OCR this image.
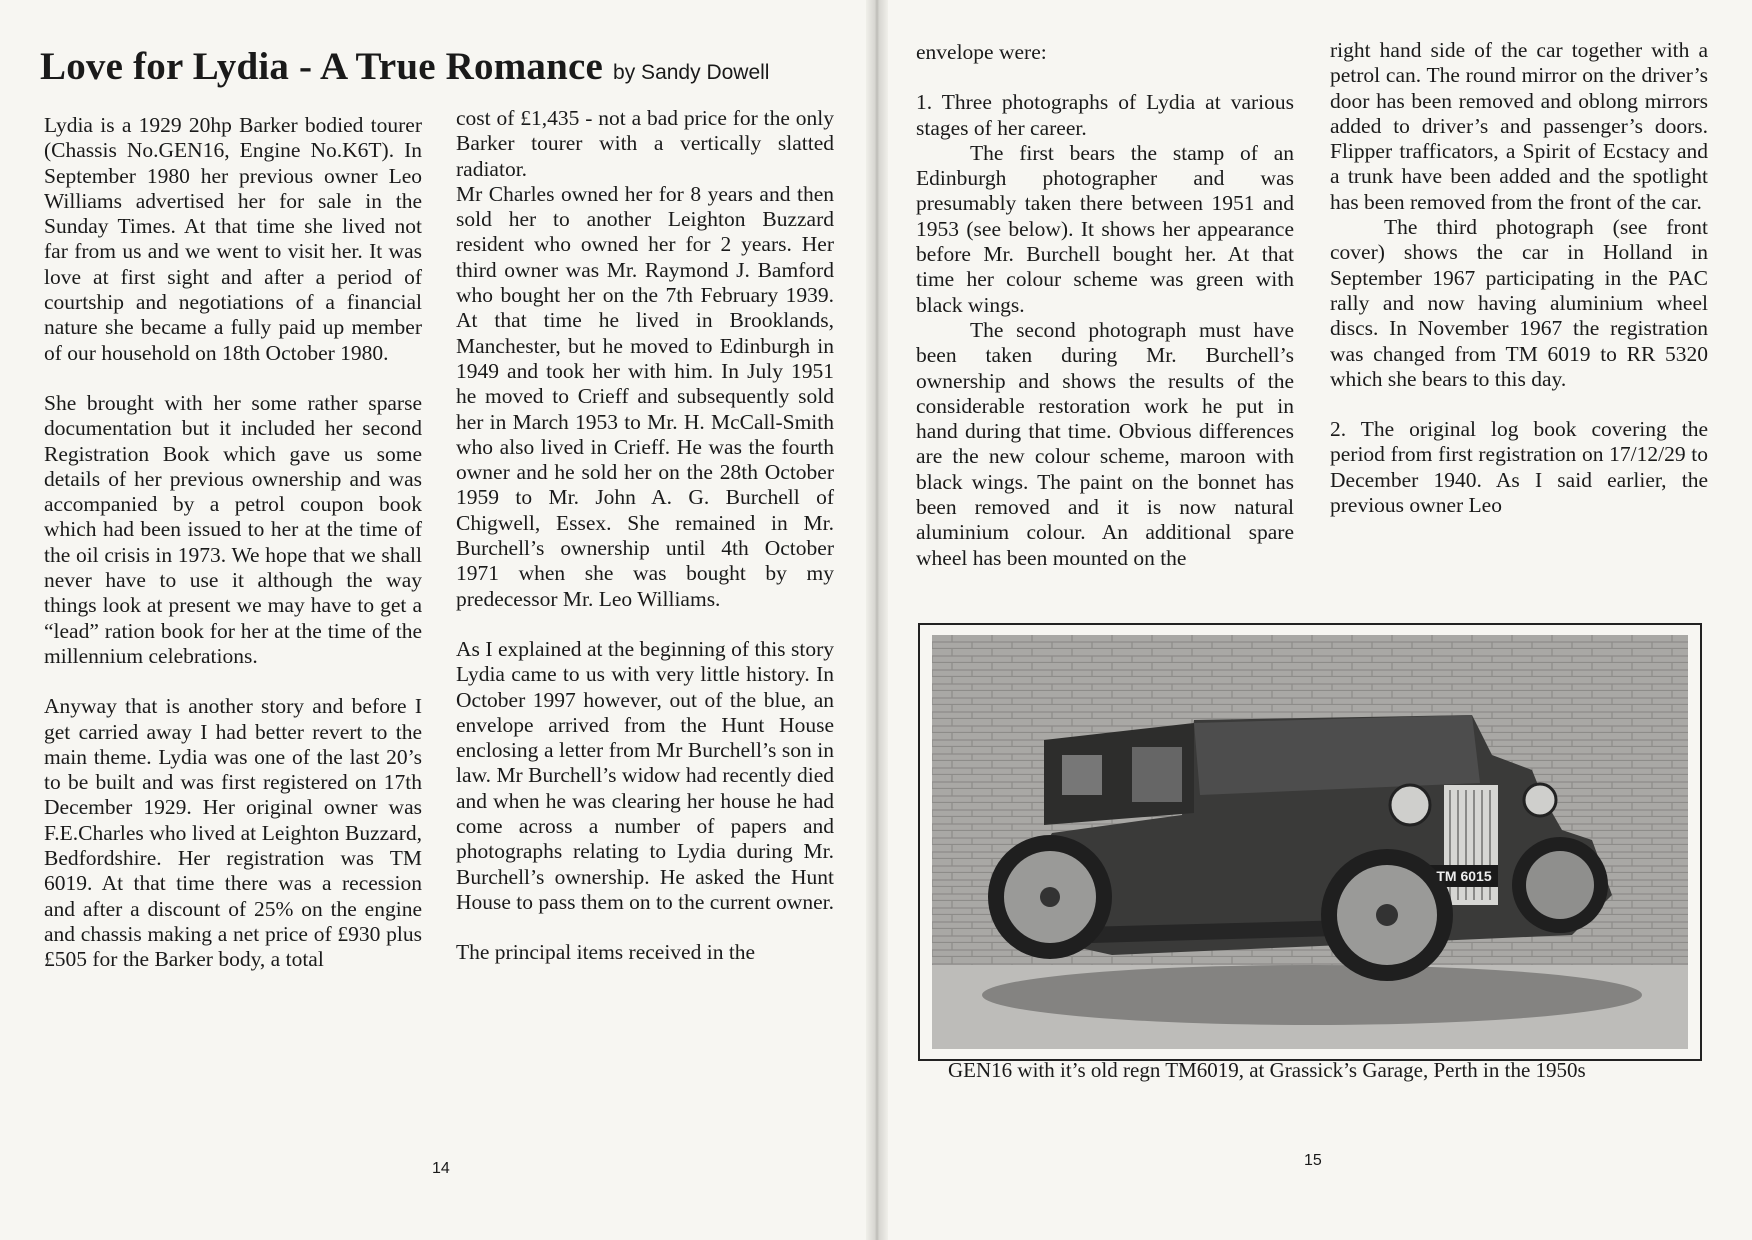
Love for Lydia - A True Romance by Sandy Dowell

Lydia is a 1929 20hp Barker bodied tourer (Chassis No.GEN16, Engine No.K6T). In September 1980 her previous owner Leo Williams advertised her for sale in the Sunday Times. At that time she lived not far from us and we went to visit her. It was love at first sight and after a period of courtship and negotiations of a financial nature she became a fully paid up member of our household on 18th October 1980.

She brought with her some rather sparse documentation but it included her second Registration Book which gave us some details of her previous ownership and was accompanied by a petrol coupon book which had been issued to her at the time of the oil crisis in 1973. We hope that we shall never have to use it although the way things look at present we may have to get a “lead” ration book for her at the time of the millennium celebrations.

Anyway that is another story and before I get carried away I had better revert to the main theme. Lydia was one of the last 20’s to be built and was first registered on 17th December 1929. Her original owner was F.E.Charles who lived at Leighton Buzzard, Bedfordshire. Her registration was TM 6019. At that time there was a recession and after a discount of 25% on the engine and chassis making a net price of £930 plus £505 for the Barker body, a total

cost of £1,435 - not a bad price for the only Barker tourer with a vertically slatted radiator.

Mr Charles owned her for 8 years and then sold her to another Leighton Buzzard resident who owned her for 2 years. Her third owner was Mr. Raymond J. Bamford who bought her on the 7th February 1939. At that time he lived in Brooklands, Manchester, but he moved to Edinburgh in 1949 and took her with him. In July 1951 he moved to Crieff and subsequently sold her in March 1953 to Mr. H. McCall-Smith who also lived in Crieff. He was the fourth owner and he sold her on the 28th October 1959 to Mr. John A. G. Burchell of Chigwell, Essex. She remained in Mr. Burchell’s ownership until 4th October 1971 when she was bought by my predecessor Mr. Leo Williams.

As I explained at the beginning of this story Lydia came to us with very little history. In October 1997 however, out of the blue, an envelope arrived from the Hunt House enclosing a letter from Mr Burchell’s son in law. Mr Burchell’s widow had recently died and when he was clearing her house he had come across a number of papers and photographs relating to Lydia during Mr. Burchell’s ownership. He asked the Hunt House to pass them on to the current owner.

The principal items received in the

envelope were:

1. Three photographs of Lydia at various stages of her career.

The first bears the stamp of an Edinburgh photographer and was presumably taken there between 1951 and 1953 (see below). It shows her appearance before Mr. Burchell bought her. At that time her colour scheme was green with black wings.

The second photograph must have been taken during Mr. Burchell’s ownership and shows the results of the considerable restoration work he put in hand during that time. Obvious differences are the new colour scheme, maroon with black wings. The paint on the bonnet has been removed and it is now natural aluminium colour. An additional spare wheel has been mounted on the

right hand side of the car together with a petrol can. The round mirror on the driver’s door has been removed and oblong mirrors added to driver’s and passenger’s doors. Flipper trafficators, a Spirit of Ecstacy and a trunk have been added and the spotlight has been removed from the front of the car.

The third photograph (see front cover) shows the car in Holland in September 1967 participating in the PAC rally and now having aluminium wheel discs. In November 1967 the registration was changed from TM 6019 to RR 5320 which she bears to this day.

2. The original log book covering the period from first registration on 17/12/29 to December 1940. As I said earlier, the previous owner Leo

TM 6015
GEN16 with it’s old regn TM6019, at Grassick’s Garage, Perth in the 1950s
14	15
